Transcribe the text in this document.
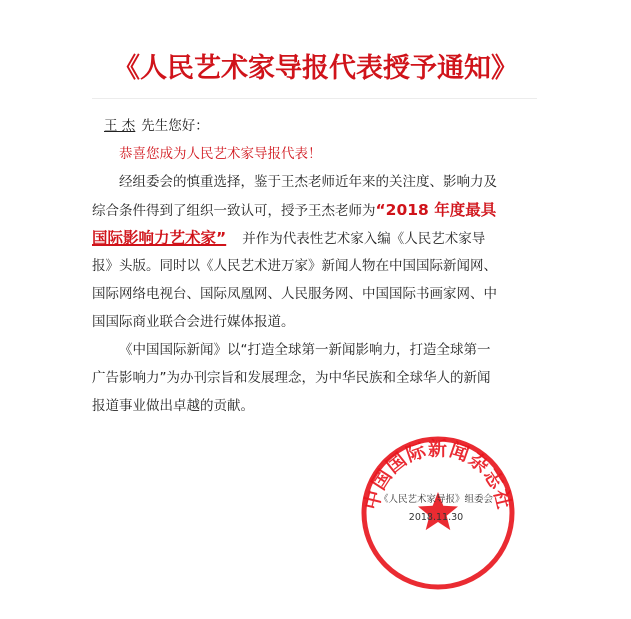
《人民艺术家导报代表授予通知》
王 杰 先生您好：
恭喜您成为人民艺术家导报代表！
经组委会的慎重选择，鉴于王杰老师近年来的关注度、影响力及
综合条件得到了组织一致认可，授予王杰老师为“2018 年度最具
国际影响力艺术家” 并作为代表性艺术家入编《人民艺术家导
报》头版。同时以《人民艺术进万家》新闻人物在中国国际新闻网、
国际网络电视台、国际凤凰网、人民服务网、中国国际书画家网、中
国国际商业联合会进行媒体报道。
《中国国际新闻》以“打造全球第一新闻影响力，打造全球第一
广告影响力”为办刊宗旨和发展理念，为中华民族和全球华人的新闻
报道事业做出卓越的贡献。
中国国际新闻杂志社
《人民艺术家导报》组委会
2018.11.30
